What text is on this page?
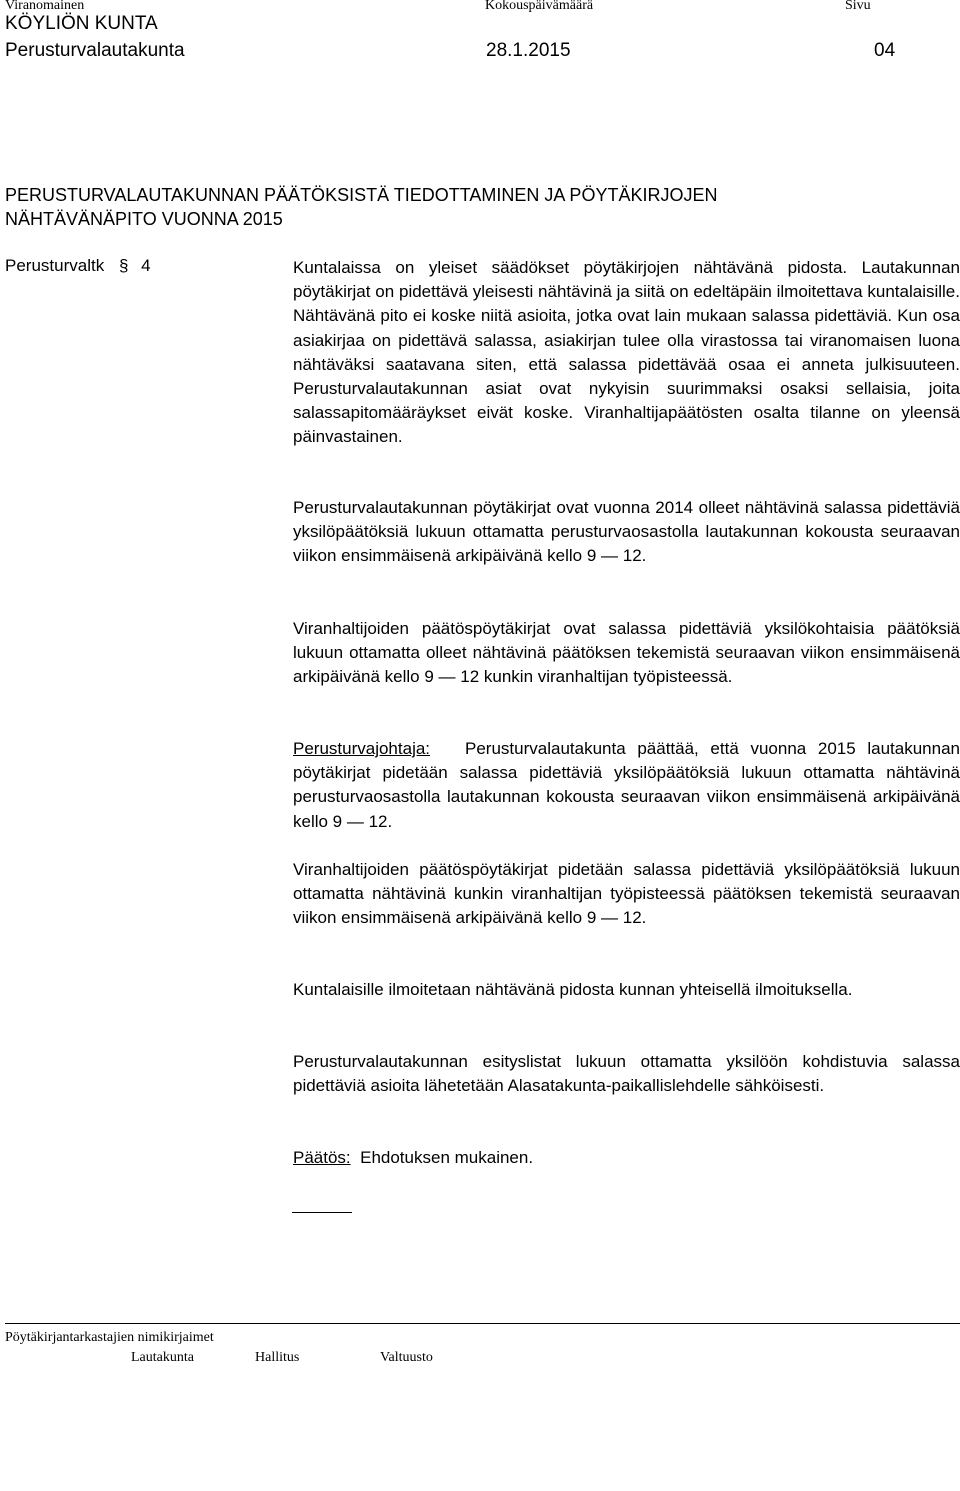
Viranomainen	Kokouspäivämäärä	Sivu
KÖYLIÖN KUNTA
Perusturvalautakunta	28.1.2015	04
PERUSTURVALAUTAKUNNAN PÄÄTÖKSISTÄ TIEDOTTAMINEN JA PÖYTÄKIRJOJEN
NÄHTÄVÄNÄPITO VUONNA 2015
Perusturvaltk § 4	Kuntalaissa on yleiset säädökset pöytäkirjojen nähtävänä pidosta. Lautakunnan pöytäkirjat on pidettävä yleisesti nähtävinä ja siitä on edeltäpäin ilmoitettava kuntalaisille. Nähtävänä pito ei koske niitä asioita, jotka ovat lain mukaan salassa pidettäviä. Kun osa asiakirjaa on pidettävä salassa, asiakirjan tulee olla virastossa tai viranomaisen luona nähtäväksi saatavana siten, että salassa pidettävää osaa ei anneta julkisuuteen. Perusturvalautakunnan asiat ovat nykyisin suurimmaksi osaksi sellaisia, joita salassapitomääräykset eivät koske. Viranhaltijapäätösten osalta tilanne on yleensä päinvastainen.

Perusturvalautakunnan pöytäkirjat ovat vuonna 2014 olleet nähtävinä salassa pidettäviä yksilöpäätöksiä lukuun ottamatta perusturvaosastolla lautakunnan kokousta seuraavan viikon ensimmäisenä arkipäivänä kello 9 — 12.

Viranhaltijoiden päätöspöytäkirjat ovat salassa pidettäviä yksilökohtaisia päätöksiä lukuun ottamatta olleet nähtävinä päätöksen tekemistä seuraavan viikon ensimmäisenä arkipäivänä kello 9 — 12 kunkin viranhaltijan työpisteessä.

Perusturvajohtaja: Perusturvalautakunta päättää, että vuonna 2015 lautakunnan pöytäkirjat pidetään salassa pidettäviä yksilöpäätöksiä lukuun ottamatta nähtävinä perusturvaosastolla lautakunnan kokousta seuraavan viikon ensimmäisenä arkipäivänä kello 9 — 12.

Viranhaltijoiden päätöspöytäkirjat pidetään salassa pidettäviä yksilöpäätöksiä lukuun ottamatta nähtävinä kunkin viranhaltijan työpisteessä päätöksen tekemistä seuraavan viikon ensimmäisenä arkipäivänä kello 9 — 12.

Kuntalaisille ilmoitetaan nähtävänä pidosta kunnan yhteisellä ilmoituksella.

Perusturvalautakunnan esityslistat lukuun ottamatta yksilöön kohdistuvia salassa pidettäviä asioita lähetetään Alasatakunta-paikallislehdelle sähköisesti.

Päätös: Ehdotuksen mukainen.

Pöytäkirjantarkastajien nimikirjaimet
Lautakunta	Hallitus	Valtuusto
